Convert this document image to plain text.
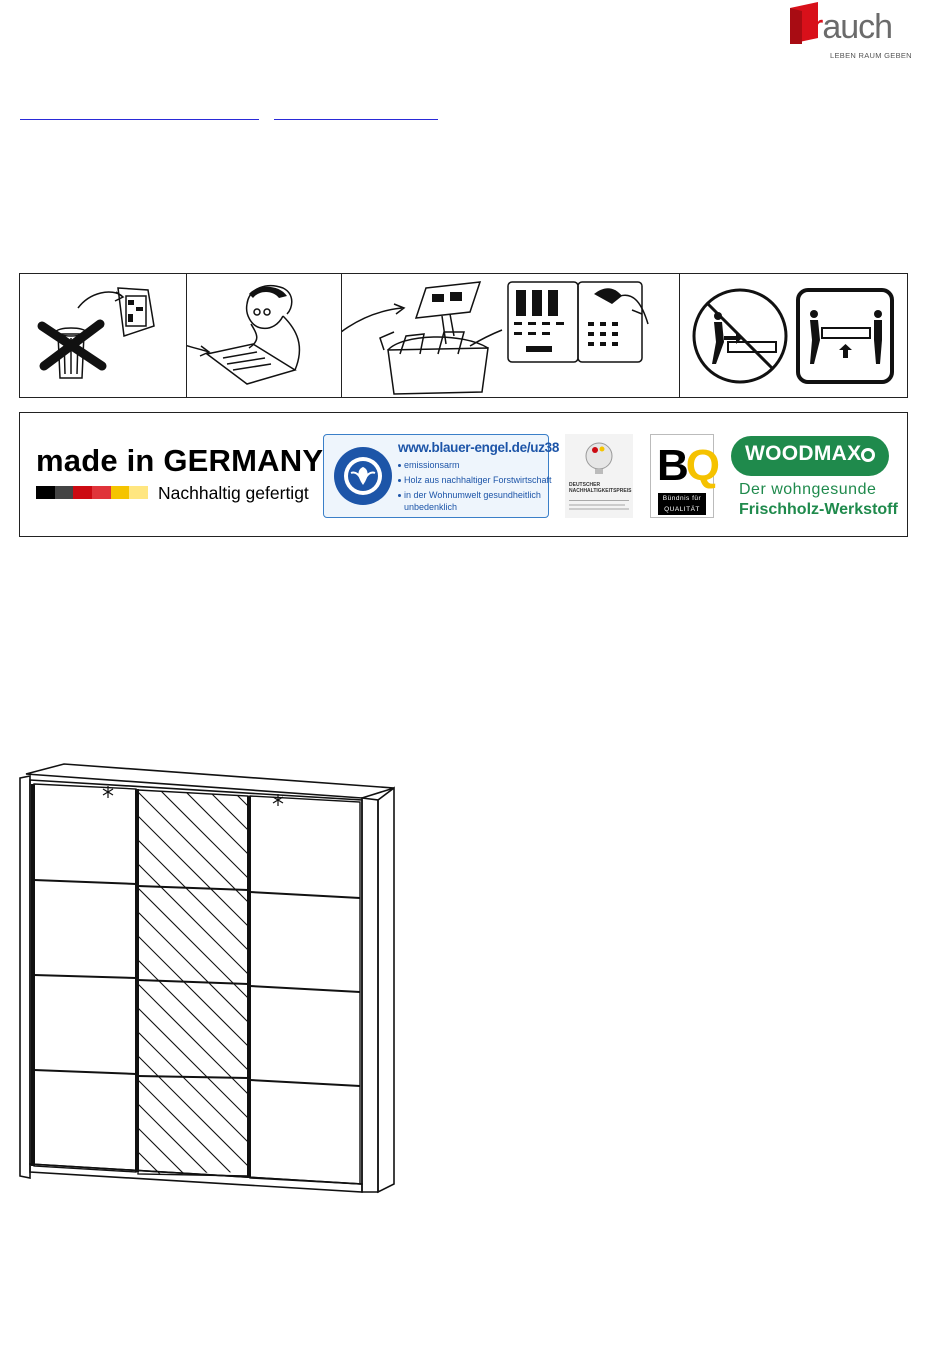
rauch
LEBEN RAUM GEBEN
made in GERMANY
Nachhaltig gefertigt
www.blauer-engel.de/uz38
emissionsarm
Holz aus nachhaltiger Forstwirtschaft
in der Wohnumwelt gesundheitlich
unbedenklich
DEUTSCHER
NACHHALTIGKEITSPREIS
BQ
Bündnis für
QUALITÄT
WOODMAX
Der wohngesunde
Frischholz-Werkstoff
